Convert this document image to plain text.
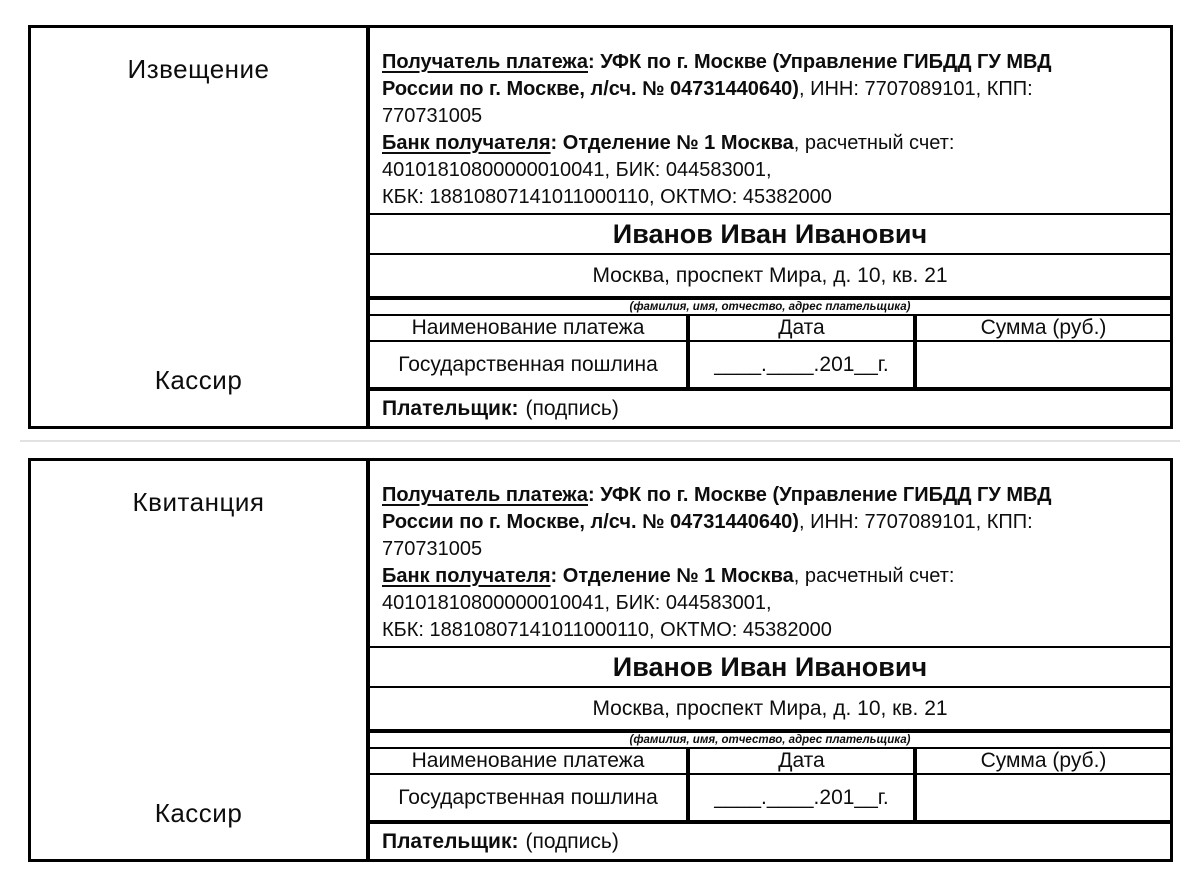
Извещение
Кассир
Получатель платежа: УФК по г. Москве (Управление ГИБДД ГУ МВД
России по г. Москве, л/сч. № 04731440640), ИНН: 7707089101, КПП:
770731005
Банк получателя: Отделение № 1 Москва, расчетный счет:
40101810800000010041, БИК: 044583001,
КБК: 18810807141011000110, ОКТМО: 45382000
Иванов Иван Иванович
Москва, проспект Мира, д. 10, кв. 21
(фамилия, имя, отчество, адрес плательщика)
Наименование платежа	Дата	Сумма (руб.)
Государственная пошлина	____.____.201__г.
Плательщик: (подпись)
Квитанция
Кассир
Получатель платежа: УФК по г. Москве (Управление ГИБДД ГУ МВД
России по г. Москве, л/сч. № 04731440640), ИНН: 7707089101, КПП:
770731005
Банк получателя: Отделение № 1 Москва, расчетный счет:
40101810800000010041, БИК: 044583001,
КБК: 18810807141011000110, ОКТМО: 45382000
Иванов Иван Иванович
Москва, проспект Мира, д. 10, кв. 21
(фамилия, имя, отчество, адрес плательщика)
Наименование платежа	Дата	Сумма (руб.)
Государственная пошлина	____.____.201__г.
Плательщик: (подпись)
